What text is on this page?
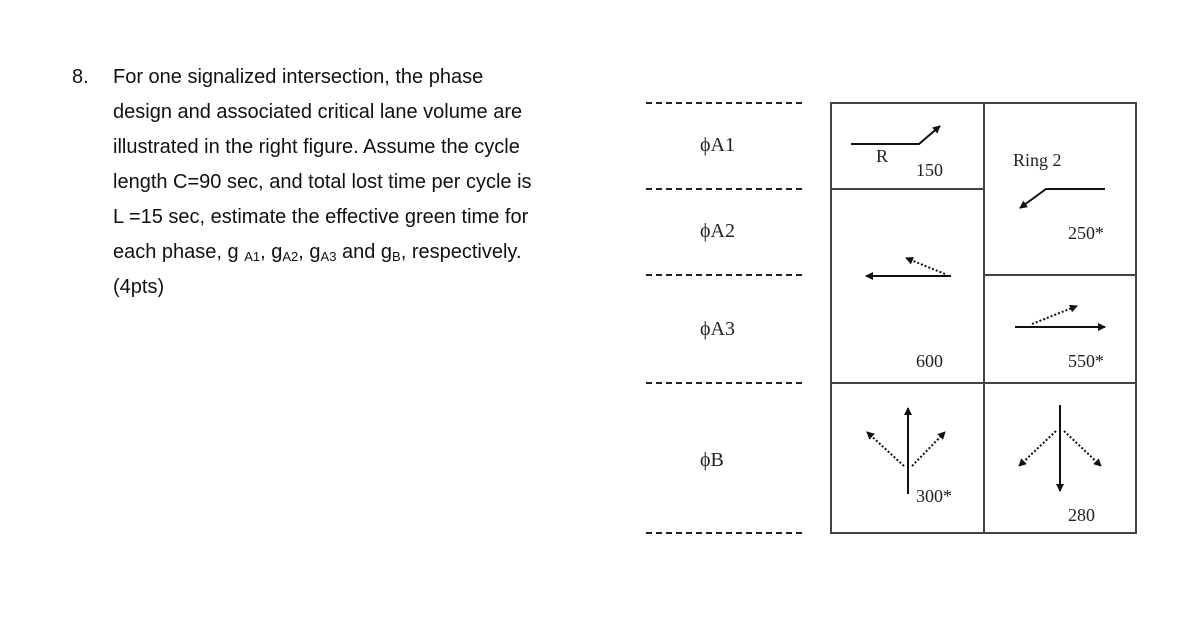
8. For one signalized intersection, the phase
design and associated critical lane volume are
illustrated in the right figure. Assume the cycle
length C=90 sec, and total lost time per cycle is
L =15 sec, estimate the effective green time for
each phase, g $_{A1}$, $g_{A2}$, $g_{A3}$ and $g_B$, respectively.
(4pts)
ϕA1
ϕA2
ϕA3
ϕB
R
150	Ring 2
250*
600	550*
300*
280
